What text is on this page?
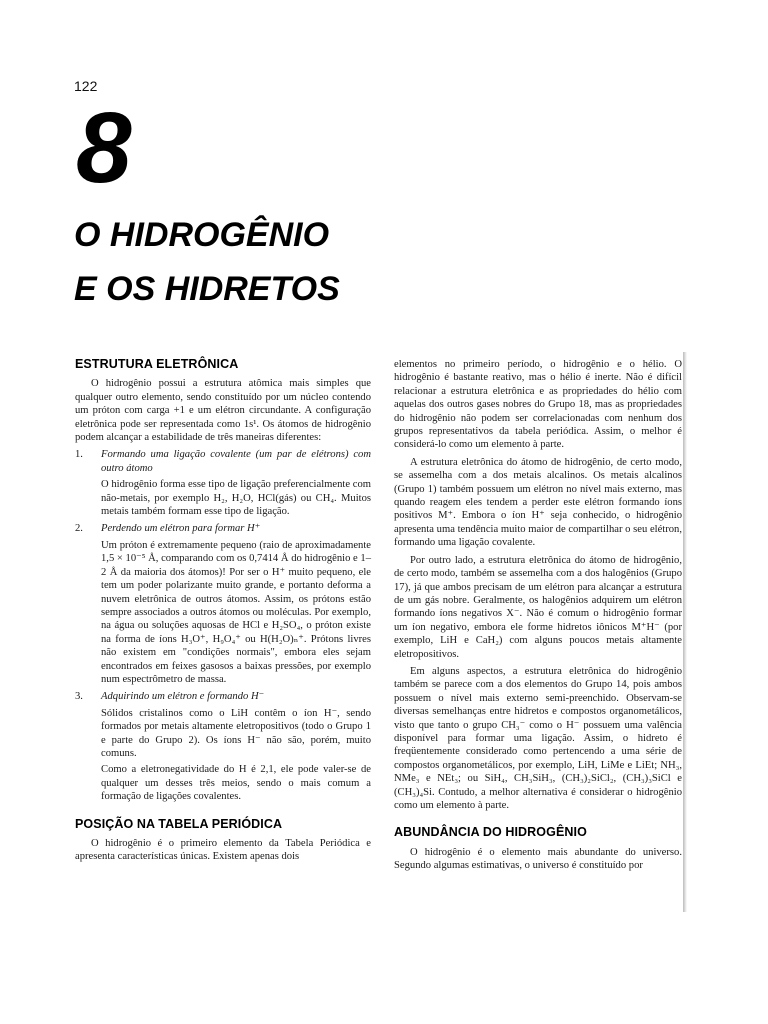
122
8
O HIDROGÊNIO
E OS HIDRETOS
ESTRUTURA ELETRÔNICA

O hidrogênio possui a estrutura atômica mais simples que qualquer outro elemento, sendo constituído por um núcleo contendo um próton com carga +1 e um elétron circundante. A configuração eletrônica pode ser representada como 1s¹. Os átomos de hidrogênio podem alcançar a estabilidade de três maneiras diferentes:

1. Formando uma ligação covalente (um par de elétrons) com outro átomo
O hidrogênio forma esse tipo de ligação preferencialmente com não-metais, por exemplo H₂, H₂O, HCl(gás) ou CH₄. Muitos metais também formam esse tipo de ligação.
2. Perdendo um elétron para formar H⁺
Um próton é extremamente pequeno (raio de aproximadamente 1,5 × 10⁻⁵ Å, comparando com os 0,7414 Å do hidrogênio e 1–2 Å da maioria dos átomos)! Por ser o H⁺ muito pequeno, ele tem um poder polarizante muito grande, e portanto deforma a nuvem eletrônica de outros átomos. Assim, os prótons estão sempre associados a outros átomos ou moléculas. Por exemplo, na água ou soluções aquosas de HCl e H₂SO₄, o próton existe na forma de íons H₃O⁺, H₉O₄⁺ ou H(H₂O)ₙ⁺. Prótons livres não existem em "condições normais", embora eles sejam encontrados em feixes gasosos a baixas pressões, por exemplo num espectrômetro de massa.
3. Adquirindo um elétron e formando H⁻
Sólidos cristalinos como o LiH contêm o íon H⁻, sendo formados por metais altamente eletropositivos (todo o Grupo 1 e parte do Grupo 2). Os íons H⁻ não são, porém, muito comuns.
Como a eletronegatividade do H é 2,1, ele pode valer-se de qualquer um desses três meios, sendo o mais comum a formação de ligações covalentes.
POSIÇÃO NA TABELA PERIÓDICA

O hidrogênio é o primeiro elemento da Tabela Periódica e apresenta características únicas. Existem apenas dois

elementos no primeiro período, o hidrogênio e o hélio. O hidrogênio é bastante reativo, mas o hélio é inerte. Não é difícil relacionar a estrutura eletrônica e as propriedades do hélio com aquelas dos outros gases nobres do Grupo 18, mas as propriedades do hidrogênio não podem ser correlacionadas com nenhum dos grupos representativos da tabela periódica. Assim, o melhor é considerá-lo como um elemento à parte.

A estrutura eletrônica do átomo de hidrogênio, de certo modo, se assemelha com a dos metais alcalinos. Os metais alcalinos (Grupo 1) também possuem um elétron no nível mais externo, mas quando reagem eles tendem a perder este elétron formando íons positivos M⁺. Embora o íon H⁺ seja conhecido, o hidrogênio apresenta uma tendência muito maior de compartilhar o seu elétron, formando uma ligação covalente.

Por outro lado, a estrutura eletrônica do átomo de hidrogênio, de certo modo, também se assemelha com a dos halogênios (Grupo 17), já que ambos precisam de um elétron para alcançar a estrutura de um gás nobre. Geralmente, os halogênios adquirem um elétron formando íons negativos X⁻. Não é comum o hidrogênio formar um íon negativo, embora ele forme hidretos iônicos M⁺H⁻ (por exemplo, LiH e CaH₂) com alguns poucos metais altamente eletropositivos.

Em alguns aspectos, a estrutura eletrônica do hidrogênio também se parece com a dos elementos do Grupo 14, pois ambos possuem o nível mais externo semi-preenchido. Observam-se diversas semelhanças entre hidretos e compostos organometálicos, visto que tanto o grupo CH₃⁻ como o H⁻ possuem uma valência disponível para formar uma ligação. Assim, o hidreto é freqüentemente considerado como pertencendo a uma série de compostos organometálicos, por exemplo, LiH, LiMe e LiEt; NH₃, NMe₃ e NEt₃; ou SiH₄, CH₃SiH₃, (CH₃)₂SiCl₂, (CH₃)₃SiCl e (CH₃)₄Si. Contudo, a melhor alternativa é considerar o hidrogênio como um elemento à parte.

ABUNDÂNCIA DO HIDROGÊNIO

O hidrogênio é o elemento mais abundante do universo. Segundo algumas estimativas, o universo é constituído por
